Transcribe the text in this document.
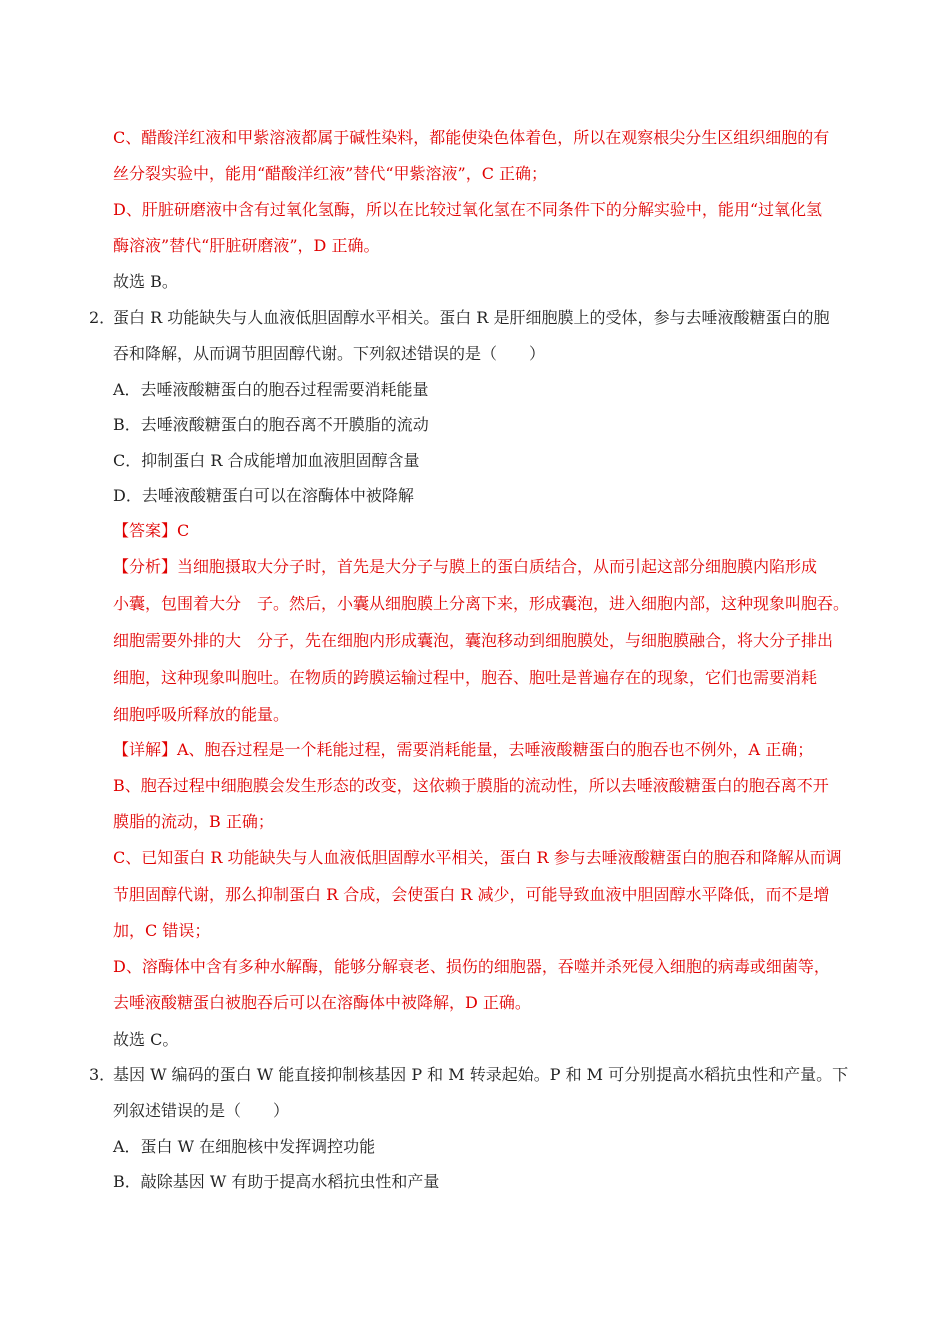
C、醋酸洋红液和甲紫溶液都属于碱性染料，都能使染色体着色，所以在观察根尖分生区组织细胞的有
丝分裂实验中，能用“醋酸洋红液”替代“甲紫溶液”，C 正确；
D、肝脏研磨液中含有过氧化氢酶，所以在比较过氧化氢在不同条件下的分解实验中，能用“过氧化氢
酶溶液”替代“肝脏研磨液”，D 正确。
故选 B。
2．
蛋白 R 功能缺失与人血液低胆固醇水平相关。蛋白 R 是肝细胞膜上的受体，参与去唾液酸糖蛋白的胞
吞和降解，从而调节胆固醇代谢。下列叙述错误的是（　　）
A．去唾液酸糖蛋白的胞吞过程需要消耗能量
B．去唾液酸糖蛋白的胞吞离不开膜脂的流动
C．抑制蛋白 R 合成能增加血液胆固醇含量
D．去唾液酸糖蛋白可以在溶酶体中被降解
【答案】C
【分析】当细胞摄取大分子时，首先是大分子与膜上的蛋白质结合，从而引起这部分细胞膜内陷形成
小囊，包围着大分　子。然后，小囊从细胞膜上分离下来，形成囊泡，进入细胞内部，这种现象叫胞吞。
细胞需要外排的大　分子，先在细胞内形成囊泡，囊泡移动到细胞膜处，与细胞膜融合，将大分子排出
细胞，这种现象叫胞吐。在物质的跨膜运输过程中，胞吞、胞吐是普遍存在的现象，它们也需要消耗
细胞呼吸所释放的能量。
【详解】A、胞吞过程是一个耗能过程，需要消耗能量，去唾液酸糖蛋白的胞吞也不例外，A 正确；
B、胞吞过程中细胞膜会发生形态的改变，这依赖于膜脂的流动性，所以去唾液酸糖蛋白的胞吞离不开
膜脂的流动，B 正确；
C、已知蛋白 R 功能缺失与人血液低胆固醇水平相关，蛋白 R 参与去唾液酸糖蛋白的胞吞和降解从而调
节胆固醇代谢，那么抑制蛋白 R 合成，会使蛋白 R 减少，可能导致血液中胆固醇水平降低，而不是增
加，C 错误；
D、溶酶体中含有多种水解酶，能够分解衰老、损伤的细胞器，吞噬并杀死侵入细胞的病毒或细菌等，
去唾液酸糖蛋白被胞吞后可以在溶酶体中被降解，D 正确。
故选 C。
3．
基因 W 编码的蛋白 W 能直接抑制核基因 P 和 M 转录起始。P 和 M 可分别提高水稻抗虫性和产量。下
列叙述错误的是（　　）
A．蛋白 W 在细胞核中发挥调控功能
B．敲除基因 W 有助于提高水稻抗虫性和产量
